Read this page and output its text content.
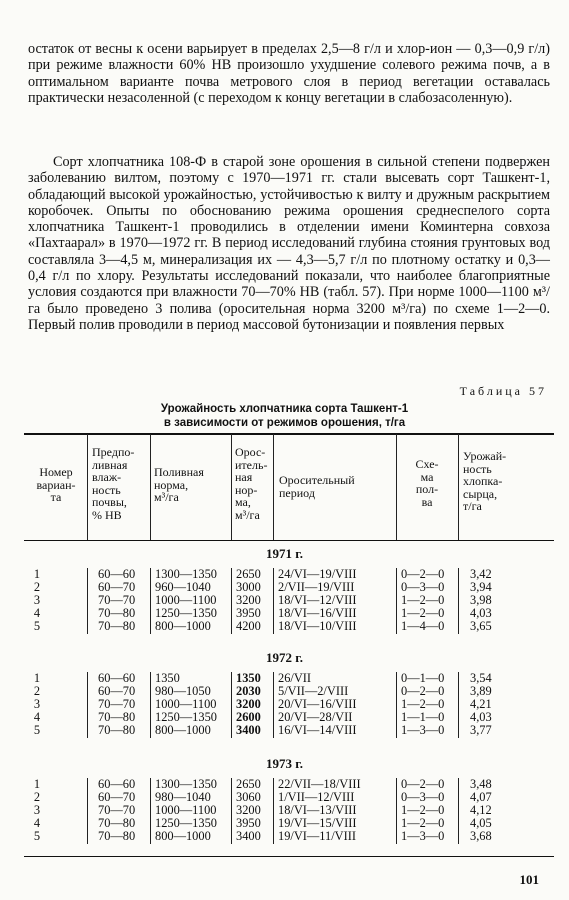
остаток от весны к осени варьирует в пределах 2,5—8 г/л и хлор-ион — 0,3—0,9 г/л) при режиме влажности 60% НВ произошло ухудшение солевого режима почв, а в оптимальном варианте почва метрового слоя в период вегетации оставалась практически незасоленной (с переходом к концу вегетации в слабозасоленную).
Сорт хлопчатника 108-Ф в старой зоне орошения в сильной степени подвержен заболеванию вилтом, поэтому с 1970—1971 гг. стали высевать сорт Ташкент-1, обладающий высокой урожайностью, устойчивостью к вилту и дружным раскрытием коробочек. Опыты по обоснованию режима орошения среднеспелого сорта хлопчатника Ташкент-1 проводились в отделении имени Коминтерна совхоза «Пахтаарал» в 1970—1972 гг. В период исследований глубина стояния грунтовых вод составляла 3—4,5 м, минерализация их — 4,3—5,7 г/л по плотному остатку и 0,3—0,4 г/л по хлору. Результаты исследований показали, что наиболее благоприятные условия создаются при влажности 70—70% НВ (табл. 57). При норме 1000—1100 м³/га было проведено 3 полива (оросительная норма 3200 м³/га) по схеме 1—2—0. Первый полив проводили в период массовой бутонизации и появления первых
Таблица 57
Урожайность хлопчатника сорта Ташкент-1
в зависимости от режимов орошения, т/га
Номер
вариан-
та
Предпо-
ливная
влаж-
ность
почвы,
% НВ
Поливная
норма,
м³/га
Орос-
итель-
ная
нор-
ма,
м³/га
Оросительный
период
Схе-
ма
пол-
ва
Урожай-
ность
хлопка-
сырца,
т/га
1971 г.
1
2
3
4
5
60—60
60—70
70—70
70—80
70—80
1300—1350
960—1040
1000—1100
1250—1350
800—1000
2650
3000
3200
3950
4200
24/VI—19/VIII
2/VII—19/VIII
18/VI—12/VIII
18/VI—16/VIII
18/VI—10/VIII
0—2—0
0—3—0
1—2—0
1—2—0
1—4—0
3,42
3,94
3,98
4,03
3,65
1972 г.
1
2
3
4
5
60—60
60—70
70—70
70—80
70—80
1350
980—1050
1000—1100
1250—1350
800—1000
1350
2030
3200
2600
3400
26/VII
5/VII—2/VIII
20/VI—16/VIII
20/VI—28/VII
16/VI—14/VIII
0—1—0
0—2—0
1—2—0
1—1—0
1—3—0
3,54
3,89
4,21
4,03
3,77
1973 г.
1
2
3
4
5
60—60
60—70
70—70
70—80
70—80
1300—1350
980—1040
1000—1100
1250—1350
800—1000
2650
3060
3200
3950
3400
22/VII—18/VIII
1/VII—12/VIII
18/VI—13/VIII
19/VI—15/VIII
19/VI—11/VIII
0—2—0
0—3—0
1—2—0
1—2—0
1—3—0
3,48
4,07
4,12
4,05
3,68
101
